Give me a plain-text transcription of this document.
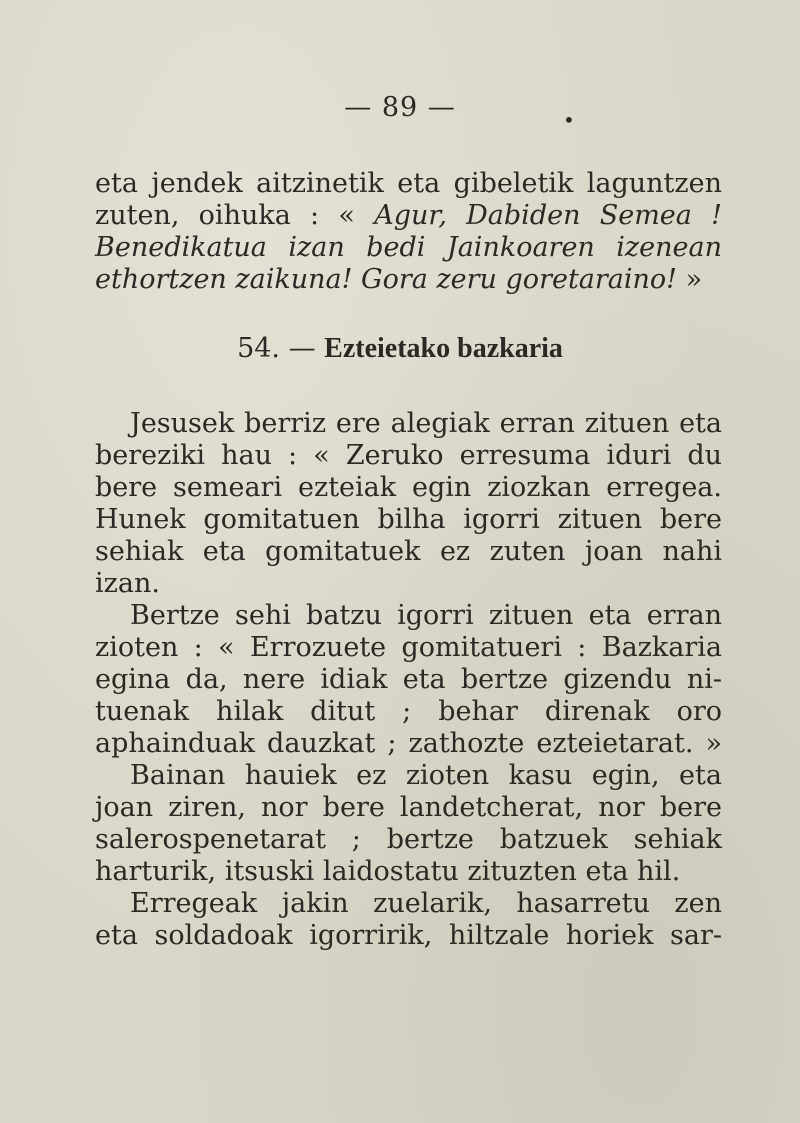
— 89 —	•
eta jendek aitzinetik eta gibeletik laguntzen
zuten, oihuka : « Agur, Dabiden Semea !
Benedikatua izan bedi Jainkoaren izenean
ethortzen zaikuna! Gora zeru goretaraino! »
54. — Ezteietako bazkaria
Jesusek berriz ere alegiak erran zituen eta
bereziki hau : « Zeruko erresuma iduri du
bere semeari ezteiak egin ziozkan erregea.
Hunek gomitatuen bilha igorri zituen bere
sehiak eta gomitatuek ez zuten joan nahi
izan.
Bertze sehi batzu igorri zituen eta erran
zioten : « Errozuete gomitatueri : Bazkaria
egina da, nere idiak eta bertze gizendu ni-
tuenak hilak ditut ; behar direnak oro
aphainduak dauzkat ; zathozte ezteietarat. »
Bainan hauiek ez zioten kasu egin, eta
joan ziren, nor bere landetcherat, nor bere
salerospenetarat ; bertze batzuek sehiak
harturik, itsuski laidostatu zituzten eta hil.
Erregeak jakin zuelarik, hasarretu zen
eta soldadoak igorririk, hiltzale horiek sar-
